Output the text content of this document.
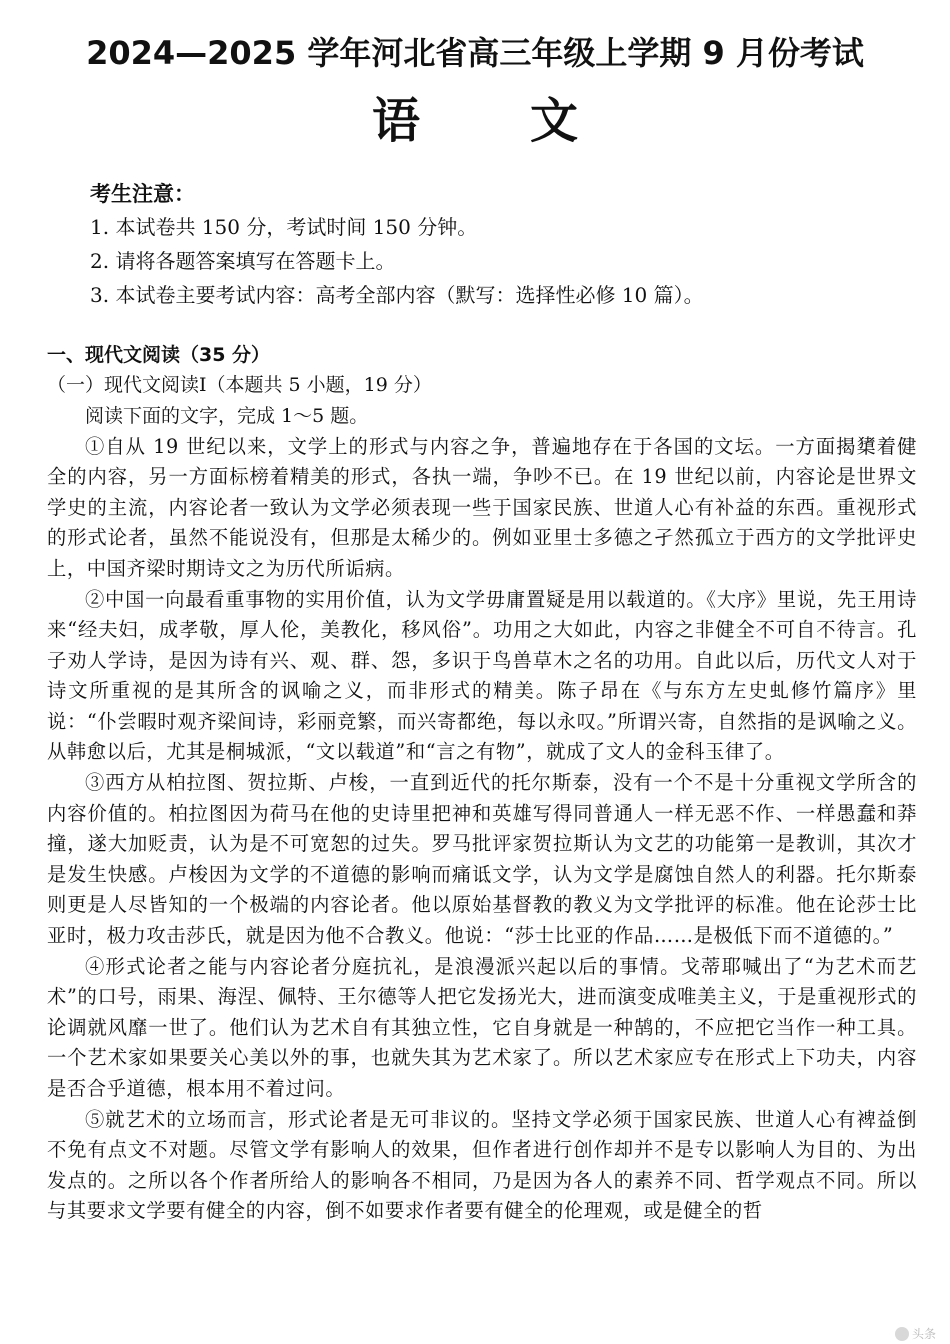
2024—2025 学年河北省高三年级上学期 9 月份考试
语文
考生注意：
1. 本试卷共 150 分，考试时间 150 分钟。
2. 请将各题答案填写在答题卡上。
3. 本试卷主要考试内容：高考全部内容（默写：选择性必修 10 篇）。
一、现代文阅读（35 分）
（一）现代文阅读Ⅰ（本题共 5 小题，19 分）
阅读下面的文字，完成 1～5 题。

①自从 19 世纪以来，文学上的形式与内容之争，普遍地存在于各国的文坛。一方面揭橥着健全的内容，另一方面标榜着精美的形式，各执一端，争吵不已。在 19 世纪以前，内容论是世界文学史的主流，内容论者一致认为文学必须表现一些于国家民族、世道人心有补益的东西。重视形式的形式论者，虽然不能说没有，但那是太稀少的。例如亚里士多德之孑然孤立于西方的文学批评史上，中国齐梁时期诗文之为历代所诟病。

②中国一向最看重事物的实用价值，认为文学毋庸置疑是用以载道的。《大序》里说，先王用诗来“经夫妇，成孝敬，厚人伦，美教化，移风俗”。功用之大如此，内容之非健全不可自不待言。孔子劝人学诗，是因为诗有兴、观、群、怨，多识于鸟兽草木之名的功用。自此以后，历代文人对于诗文所重视的是其所含的讽喻之义，而非形式的精美。陈子昂在《与东方左史虬修竹篇序》里说：“仆尝暇时观齐梁间诗，彩丽竞繁，而兴寄都绝，每以永叹。”所谓兴寄，自然指的是讽喻之义。从韩愈以后，尤其是桐城派，“文以载道”和“言之有物”，就成了文人的金科玉律了。

③西方从柏拉图、贺拉斯、卢梭，一直到近代的托尔斯泰，没有一个不是十分重视文学所含的内容价值的。柏拉图因为荷马在他的史诗里把神和英雄写得同普通人一样无恶不作、一样愚蠢和莽撞，遂大加贬责，认为是不可宽恕的过失。罗马批评家贺拉斯认为文艺的功能第一是教训，其次才是发生快感。卢梭因为文学的不道德的影响而痛诋文学，认为文学是腐蚀自然人的利器。托尔斯泰则更是人尽皆知的一个极端的内容论者。他以原始基督教的教义为文学批评的标准。他在论莎士比亚时，极力攻击莎氏，就是因为他不合教义。他说：“莎士比亚的作品……是极低下而不道德的。”

④形式论者之能与内容论者分庭抗礼，是浪漫派兴起以后的事情。戈蒂耶喊出了“为艺术而艺术”的口号，雨果、海涅、佩特、王尔德等人把它发扬光大，进而演变成唯美主义，于是重视形式的论调就风靡一世了。他们认为艺术自有其独立性，它自身就是一种鹄的，不应把它当作一种工具。一个艺术家如果要关心美以外的事，也就失其为艺术家了。所以艺术家应专在形式上下功夫，内容是否合乎道德，根本用不着过问。

⑤就艺术的立场而言，形式论者是无可非议的。坚持文学必须于国家民族、世道人心有裨益倒不免有点文不对题。尽管文学有影响人的效果，但作者进行创作却并不是专以影响人为目的、为出发点的。之所以各个作者所给人的影响各不相同，乃是因为各人的素养不同、哲学观点不同。所以与其要求文学要有健全的内容，倒不如要求作者要有健全的伦理观，或是健全的哲

头条
